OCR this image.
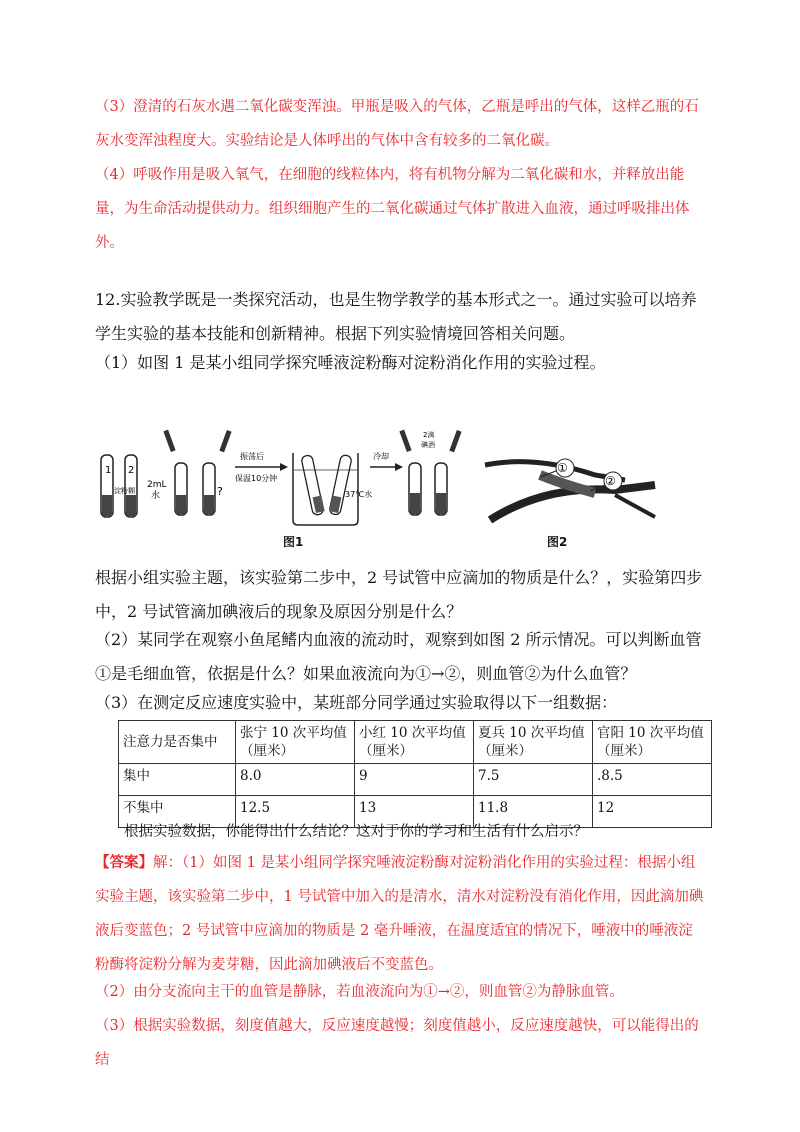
（3）澄清的石灰水遇二氧化碳变浑浊。甲瓶是吸入的气体，乙瓶是呼出的气体，这样乙瓶的石灰水变浑浊程度大。实验结论是人体呼出的气体中含有较多的二氧化碳。

（4）呼吸作用是吸入氧气，在细胞的线粒体内，将有机物分解为二氧化碳和水，并释放出能量，为生命活动提供动力。组织细胞产生的二氧化碳通过气体扩散进入血液，通过呼吸排出体外。

12.实验教学既是一类探究活动，也是生物学教学的基本形式之一。通过实验可以培养学生实验的基本技能和创新精神。根据下列实验情境回答相关问题。

（1）如图 1 是某小组同学探究唾液淀粉酶对淀粉消化作用的实验过程。

1 2
淀粉糊
2mL
水	?
振荡后
保温10分钟
37℃水
冷却
2滴
碘酒
①
②
图1	图2

根据小组实验主题，该实验第二步中，2 号试管中应滴加的物质是什么？，实验第四步中，2 号试管滴加碘液后的现象及原因分别是什么？

（2）某同学在观察小鱼尾鳍内血液的流动时，观察到如图 2 所示情况。可以判断血管①是毛细血管，依据是什么？如果血液流向为①→②，则血管②为什么血管？

（3）在测定反应速度实验中，某班部分同学通过实验取得以下一组数据：

注意力是否集中	张宁 10 次平均值（厘米）	小红 10 次平均值（厘米）	夏兵 10 次平均值（厘米）	官阳 10 次平均值（厘米）
集中	8.0	9	7.5	.8.5
不集中	12.5	13	11.8	12

根据实验数据，你能得出什么结论？这对于你的学习和生活有什么启示？

【答案】解：（1）如图 1 是某小组同学探究唾液淀粉酶对淀粉消化作用的实验过程：根据小组实验主题，该实验第二步中，1 号试管中加入的是清水，清水对淀粉没有消化作用，因此滴加碘液后变蓝色；2 号试管中应滴加的物质是 2 毫升唾液，在温度适宜的情况下，唾液中的唾液淀粉酶将淀粉分解为麦芽糖，因此滴加碘液后不变蓝色。

（2）由分支流向主干的血管是静脉，若血液流向为①→②，则血管②为静脉血管。

（3）根据实验数据，刻度值越大，反应速度越慢；刻度值越小，反应速度越快，可以能得出的结
